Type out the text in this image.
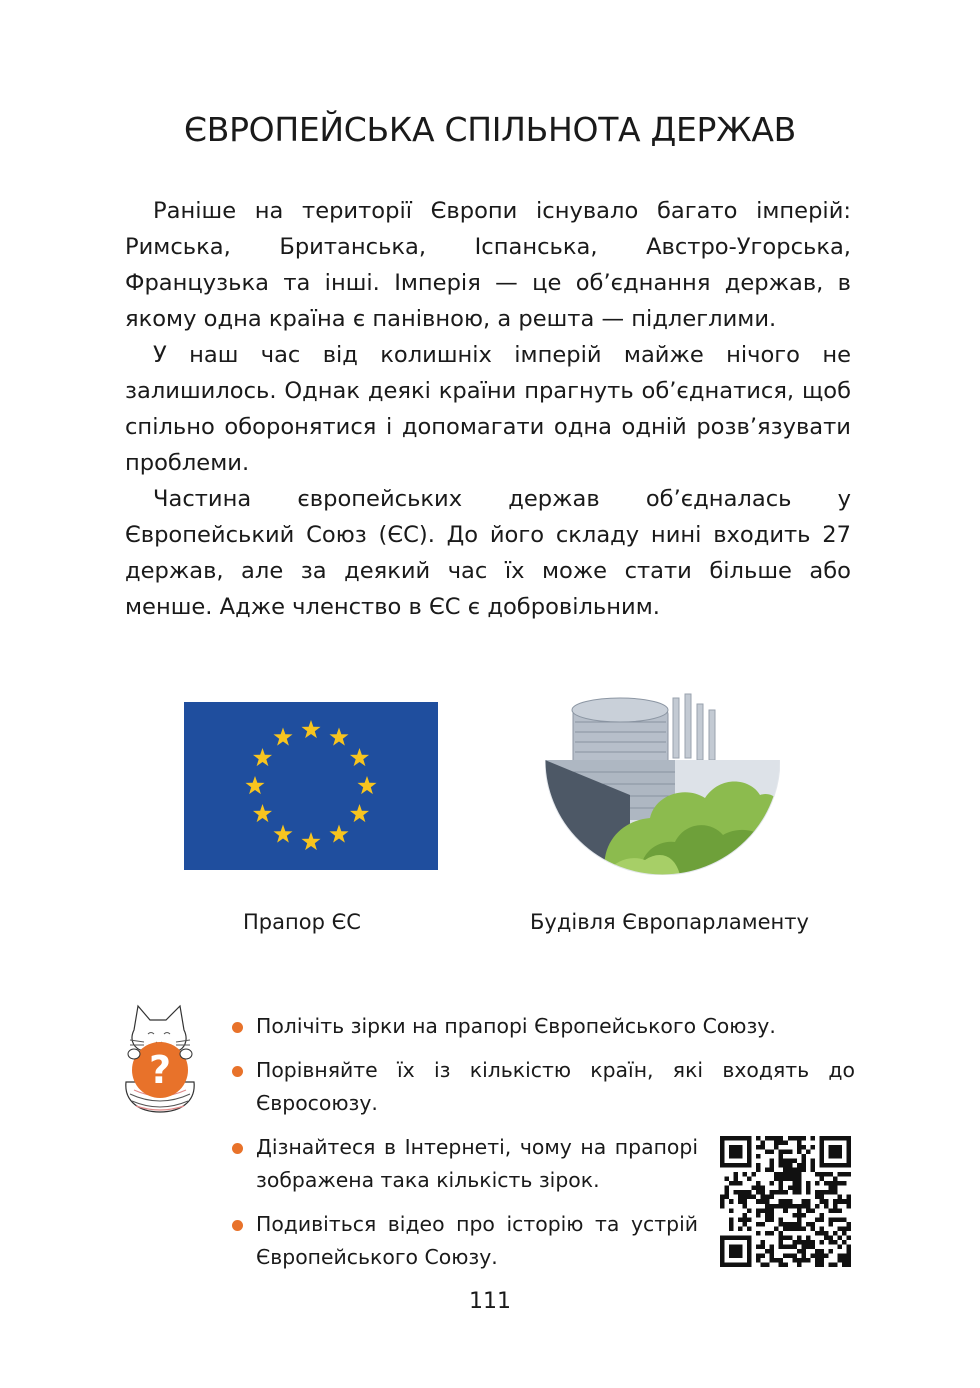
ЄВРОПЕЙСЬКА СПІЛЬНОТА ДЕРЖАВ

Раніше на території Європи існувало багато імперій: Римська, Британська, Іспанська, Австро-Угорська, Французька та інші. Імперія — це об’єднання держав, в якому одна країна є панівною, а решта — підлеглими.

У наш час від колишніх імперій майже нічого не залишилось. Однак деякі країни прагнуть об’єднатися, щоб спільно оборонятися і допомагати одна одній розв’язувати проблеми.

Частина європейських держав об’єдналась у Європейський Союз (ЄС). До його складу нині входить 27 держав, але за деякий час їх може стати більше або менше. Адже членство в ЄС є добровільним.

Прапор ЄС	Будівля Європарламенту
?
Полічіть зірки на прапорі Європейського Союзу.
Порівняйте їх із кількістю країн, які входять до Євросоюзу.
Дізнайтеся в Інтернеті, чому на прапорі зображена така кількість зірок.
Подивіться відео про історію та устрій Європейського Союзу.
111
